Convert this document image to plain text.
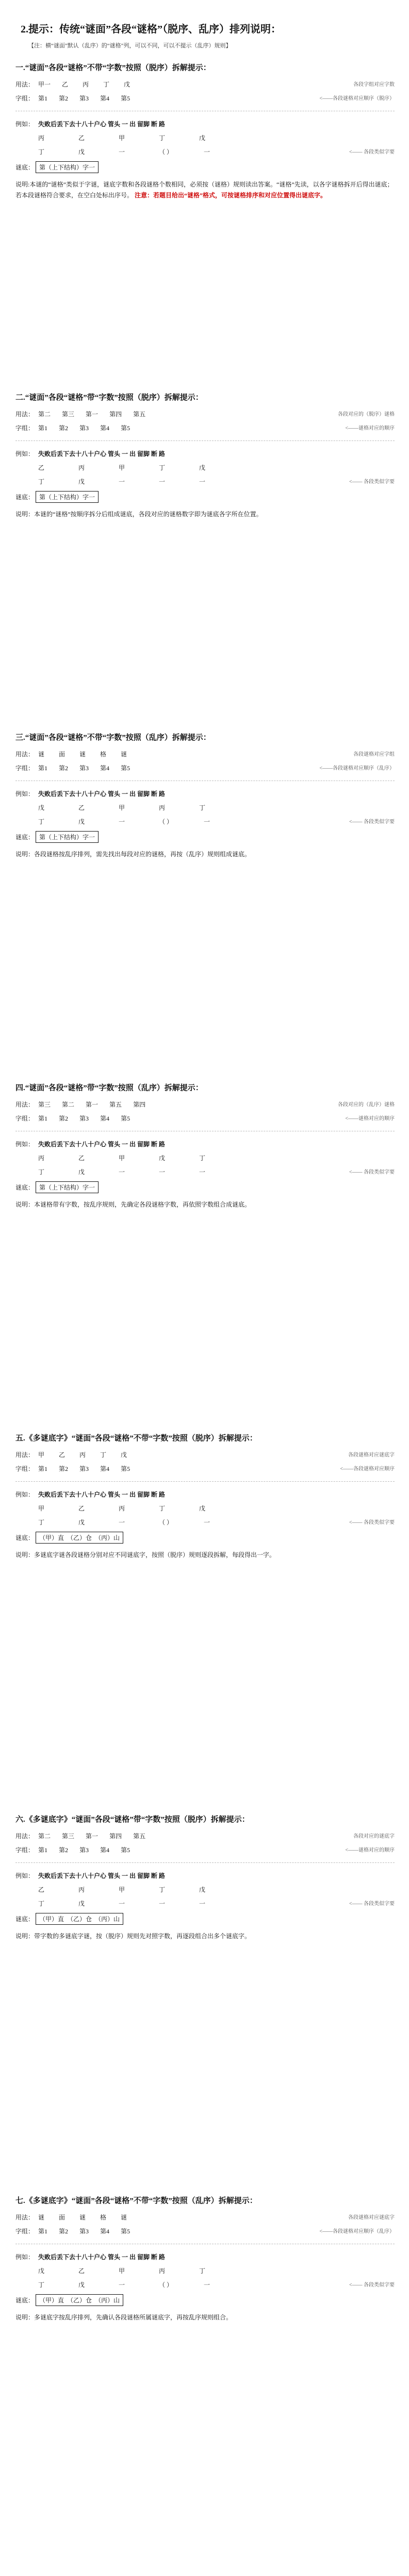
2.提示：传统“谜面”各段“谜格”（脱序、乱序）排列说明：
【注：横“谜面”默认（乱序）的“谜格”列，可以不同，可以不提示（乱序）规则】
一.“谜面”各段“谜格”不带“字数”按照（脱序）拆解提示：
用法： 甲一 乙	丙	丁	戊	各段字组对应字数
字组： 第1 第2 第3 第4 第5	<——各段谜格对应顺序（脱序）
例如： 失败后丢下去十八十户心 管头 一 出 留脚 断 路
丙	乙	甲	丁	戊
丁	戊	一	（ ）	一	<—— 各段类似字要
谜底： 第（上下结构）字一
说明:本谜的“谜格”类似于字谜，谜底字数和各段谜格个数相同，必须按（谜格）规则读出答案。“谜格”先读，以各字谜格拆开后得出谜底；若本段谜格符合要求，在空白处标出序号。 注意：若题目给出“谜格”格式，可按谜格排序和对应位置得出谜底字。
二.“谜面”各段“谜格”带“字数”按照（脱序）拆解提示：
用法： 第二 第三 第一 第四 第五	各段对应的（脱序）谜格
字组： 第1 第2 第3 第4 第5	<——谜格对应的顺序
例如： 失败后丢下去十八十户心 管头 一 出 留脚 断 路
乙	丙	甲	丁	戊
丁	戊	一	一	一	<—— 各段类似字要
谜底： 第（上下结构）字一
说明：本谜的“谜格”按顺序拆分后组成谜底，各段对应的谜格数字即为谜底各字所在位置。
三.“谜面”各段“谜格”不带“字数”按照（乱序）拆解提示：
用法： 谜	面	谜	格	谜	各段谜格对应字组
字组： 第1 第2 第3 第4 第5	<——各段谜格对应顺序（乱序）
例如： 失败后丢下去十八十户心 管头 一 出 留脚 断 路
戊	乙	甲	丙	丁
丁	戊	一	（ ）	一	<—— 各段类似字要
谜底： 第（上下结构）字一
说明：各段谜格按乱序排列，需先找出每段对应的谜格，再按（乱序）规则组成谜底。
四.“谜面”各段“谜格”带“字数”按照（乱序）拆解提示：
用法： 第三 第二 第一 第五 第四	各段对应的（乱序）谜格
字组： 第1 第2 第3 第4 第5	<——谜格对应的顺序
例如： 失败后丢下去十八十户心 管头 一 出 留脚 断 路
丙	乙	甲	戊	丁
丁	戊	一	一	一	<—— 各段类似字要
谜底： 第（上下结构）字一
说明：本谜格带有字数，按乱序规则，先确定各段谜格字数，再依照字数组合成谜底。
五.《多谜底字》“谜面”各段“谜格”不带“字数”按照（脱序）拆解提示：
用法： 甲	乙	丙	丁	戊	各段谜格对应谜底字
字组： 第1 第2 第3 第4 第5	<——各段谜格对应顺序
例如： 失败后丢下去十八十户心 管头 一 出 留脚 断 路
甲	乙	丙	丁	戊
丁	戊	一	（ ）	一	<—— 各段类似字要
谜底： （甲）直　（乙）仓　（丙）山
说明：多谜底字谜各段谜格分别对应不同谜底字，按照（脱序）规则逐段拆解，每段得出一字。
六.《多谜底字》“谜面”各段“谜格”带“字数”按照（脱序）拆解提示：
用法： 第二 第三 第一 第四 第五	各段对应的谜底字
字组： 第1 第2 第3 第4 第5	<——谜格对应的顺序
例如： 失败后丢下去十八十户心 管头 一 出 留脚 断 路
乙	丙	甲	丁	戊
丁	戊	一	一	一	<—— 各段类似字要
谜底： （甲）直　（乙）仓　（丙）山
说明：带字数的多谜底字谜，按（脱序）规则先对照字数，再逐段组合出多个谜底字。
七.《多谜底字》“谜面”各段“谜格”不带“字数”按照（乱序）拆解提示：
用法： 谜	面	谜	格	谜	各段谜格对应谜底字
字组： 第1 第2 第3 第4 第5	<——各段谜格对应顺序（乱序）
例如： 失败后丢下去十八十户心 管头 一 出 留脚 断 路
戊	乙	甲	丙	丁
丁	戊	一	（ ）	一	<—— 各段类似字要
谜底： （甲）直　（乙）仓　（丙）山
说明：多谜底字按乱序排列，先确认各段谜格所属谜底字，再按乱序规则组合。
